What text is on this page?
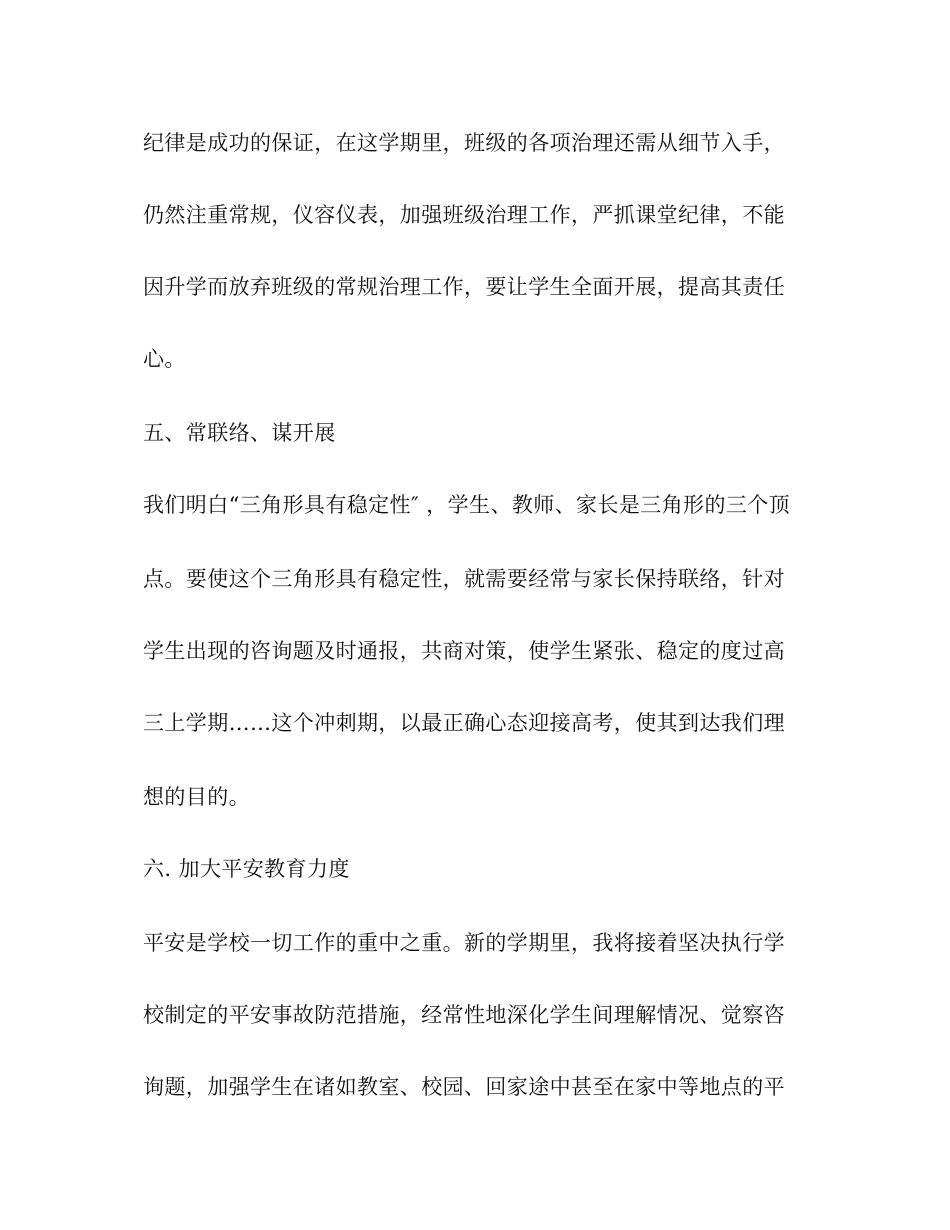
纪律是成功的保证，在这学期里，班级的各项治理还需从细节入手，
仍然注重常规，仪容仪表，加强班级治理工作，严抓课堂纪律，不能
因升学而放弃班级的常规治理工作，要让学生全面开展，提高其责任
心。
五、常联络、谋开展
我们明白“三角形具有稳定性″ ，学生、教师、家长是三角形的三个顶
点。要使这个三角形具有稳定性，就需要经常与家长保持联络，针对
学生出现的咨询题及时通报，共商对策，使学生紧张、稳定的度过高
三上学期……这个冲刺期，以最正确心态迎接高考，使其到达我们理
想的目的。
六. 加大平安教育力度
平安是学校一切工作的重中之重。新的学期里，我将接着坚决执行学
校制定的平安事故防范措施，经常性地深化学生间理解情况、觉察咨
询题，加强学生在诸如教室、校园、回家途中甚至在家中等地点的平
